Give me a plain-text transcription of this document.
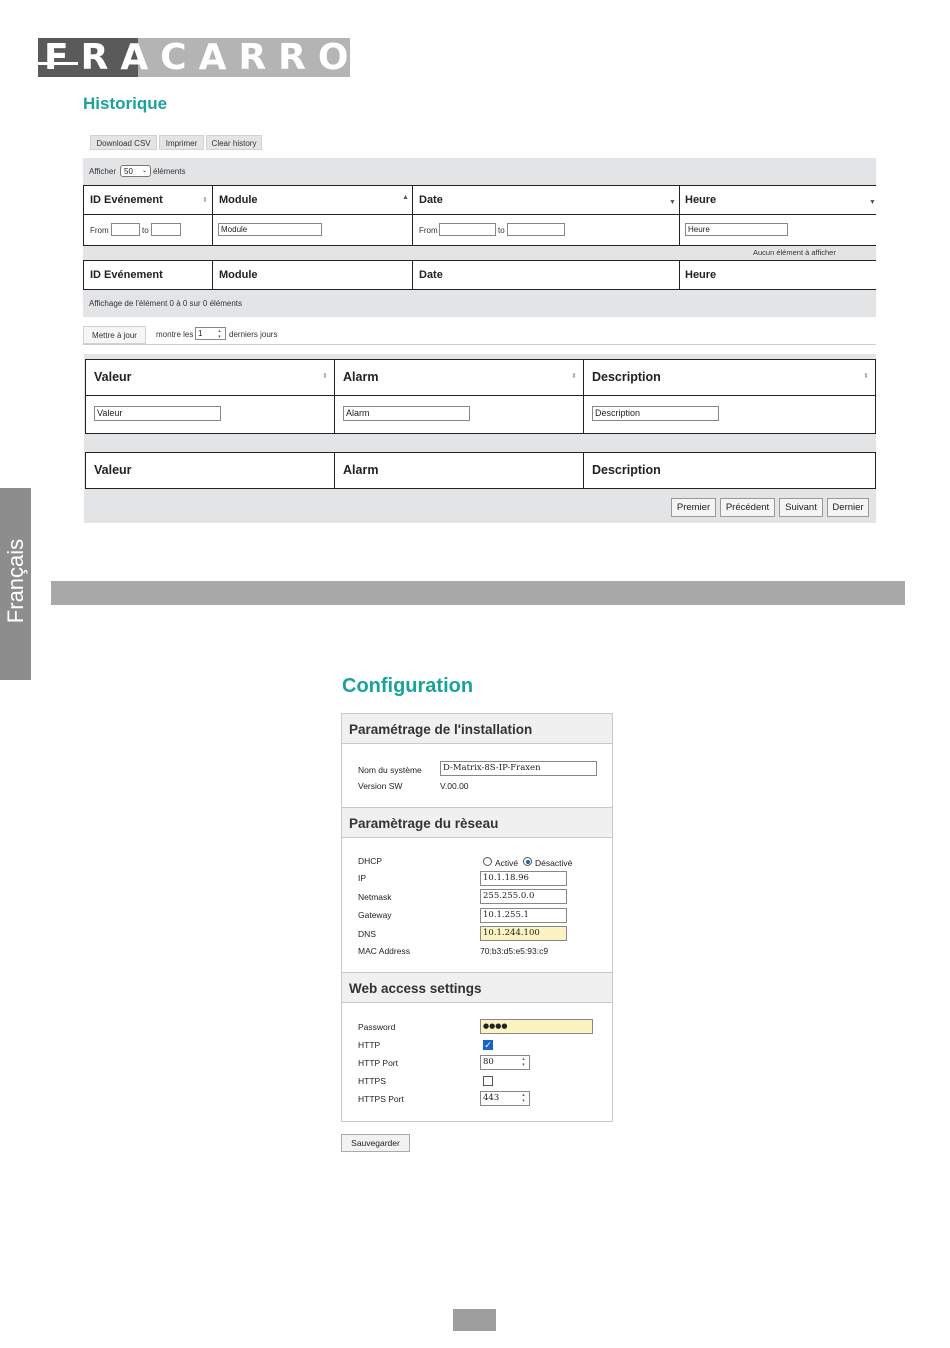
FRACARRO
Historique
Download CSV	Imprimer	Clear history
Afficher	50 ⌄ éléments
ID Evénement	⬍ Module	▲ Date	▼ Heure	▼
From	to	Module	From	to	Heure
Aucun élément à afficher
ID Evénement	Module	Date	Heure
Affichage de l'élément 0 à 0 sur 0 éléments
Mettre à jour	montre les 1	▴
▾	derniers jours
Valeur	⬍ Alarm	⬍ Description	⬍
Valeur	Alarm	Description
Valeur	Alarm	Description
Premier	Précédent	Suivant	Dernier
Français
Configuration
Paramétrage de l'installation
Nom du système	D-Matrix-8S-IP-Fraxen
Version SW	V.00.00
Paramètrage du rèseau
DHCP	Activé Désactivé
IP	10.1.18.96
Netmask	255.255.0.0
Gateway	10.1.255.1
DNS	10.1.244.100
MAC Address	70:b3:d5:e5:93:c9
Web access settings
Password	●●●●
HTTP	✓
HTTP Port	80	▴
▾
HTTPS
HTTPS Port	443	▴
▾
Sauvegarder
